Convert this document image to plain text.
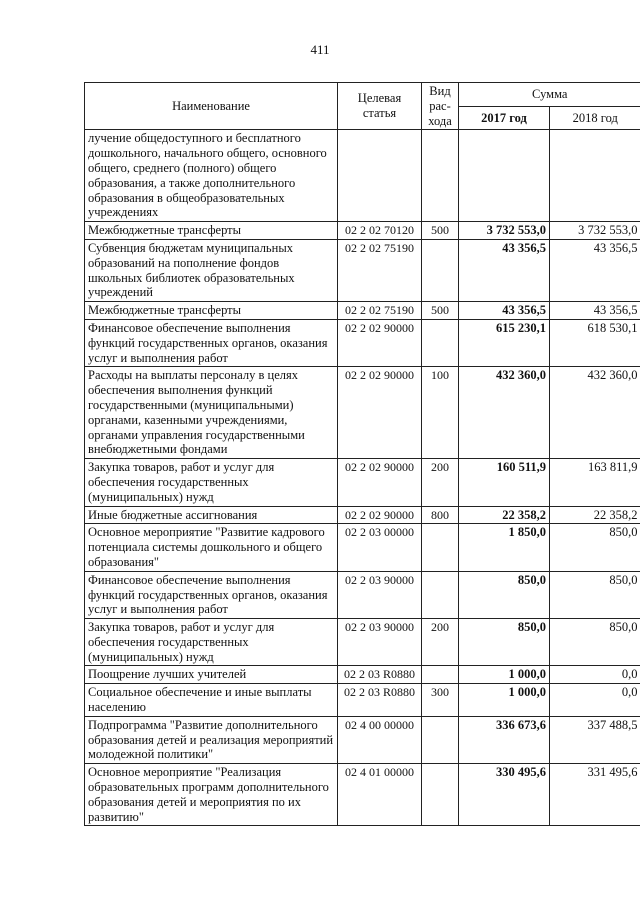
411
Наименование	Целевая статья	Вид рас-хода	Сумма	
			2017 год	2018 год
лучение общедоступного и бесплатного дошкольного, начального общего, основного общего, среднего (полного) общего образования, а также дополнительного образования в общеобразовательных учреждениях				
Межбюджетные трансферты	02 2 02 70120	500	3 732 553,0	3 732 553,0
Субвенция бюджетам муниципальных образований на пополнение фондов школьных библиотек образовательных учреждений	02 2 02 75190		43 356,5	43 356,5
Межбюджетные трансферты	02 2 02 75190	500	43 356,5	43 356,5
Финансовое обеспечение выполнения функций государственных органов, оказания услуг и выполнения работ	02 2 02 90000		615 230,1	618 530,1
Расходы на выплаты персоналу в целях обеспечения выполнения функций государственными (муниципальными) органами, казенными учреждениями, органами управления государственными внебюджетными фондами	02 2 02 90000	100	432 360,0	432 360,0
Закупка товаров, работ и услуг для обеспечения государственных (муниципальных) нужд	02 2 02 90000	200	160 511,9	163 811,9
Иные бюджетные ассигнования	02 2 02 90000	800	22 358,2	22 358,2
Основное мероприятие "Развитие кадрового потенциала системы дошкольного и общего образования"	02 2 03 00000		1 850,0	850,0
Финансовое обеспечение выполнения функций государственных органов, оказания услуг и выполнения работ	02 2 03 90000		850,0	850,0
Закупка товаров, работ и услуг для обеспечения государственных (муниципальных) нужд	02 2 03 90000	200	850,0	850,0
Поощрение лучших учителей	02 2 03 R0880		1 000,0	0,0
Социальное обеспечение и иные выплаты населению	02 2 03 R0880	300	1 000,0	0,0
Подпрограмма "Развитие дополнительного образования детей и реализация мероприятий молодежной политики"	02 4 00 00000		336 673,6	337 488,5
Основное мероприятие "Реализация образовательных программ дополнительного образования детей и мероприятия по их развитию"	02 4 01 00000		330 495,6	331 495,6
